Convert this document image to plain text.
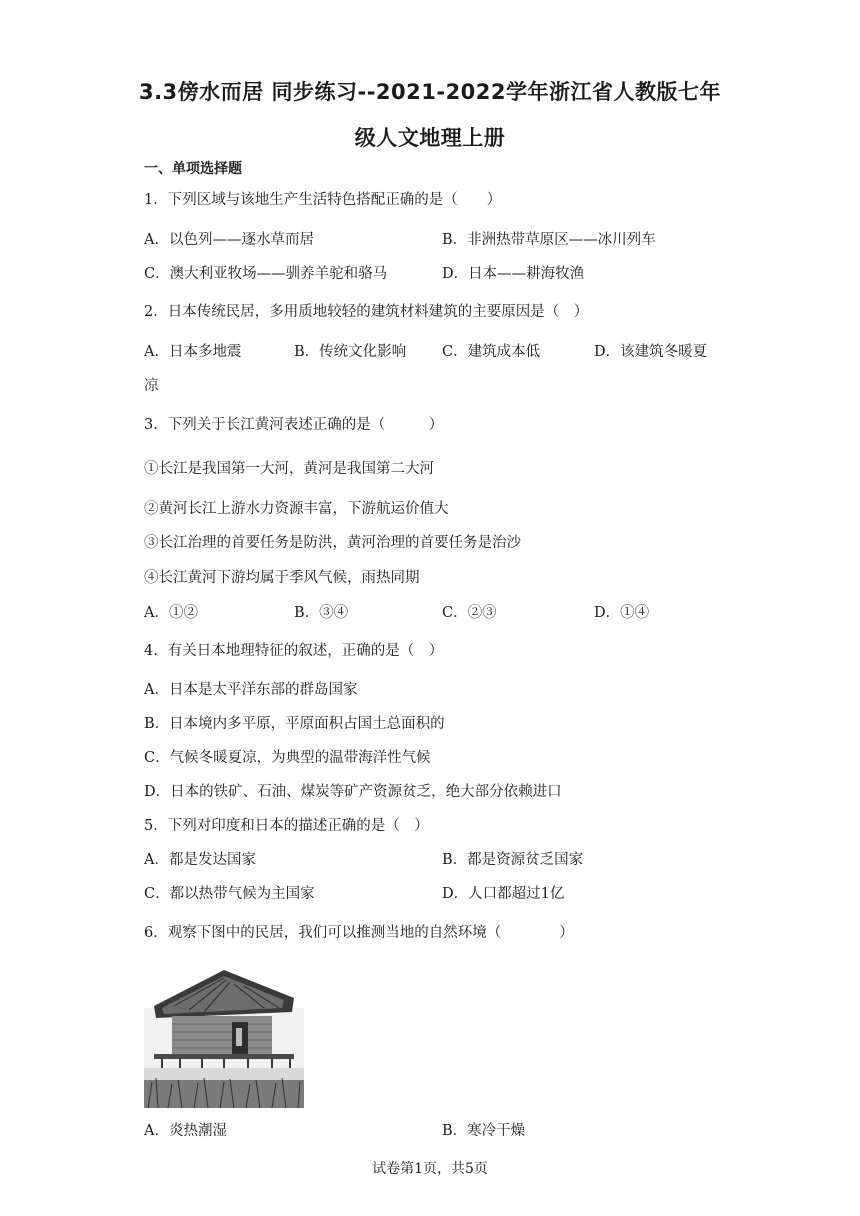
3.3傍水而居 同步练习--2021-2022学年浙江省人教版七年
级人文地理上册
一、单项选择题
1．下列区域与该地生产生活特色搭配正确的是（　　）
A．以色列——逐水草而居	B．非洲热带草原区——冰川列车
C．澳大利亚牧场——驯养羊驼和骆马	D．日本——耕海牧渔
2．日本传统民居，多用质地较轻的建筑材料建筑的主要原因是（　）
A．日本多地震	B．传统文化影响 C．建筑成本低	D．该建筑冬暖夏
凉
3．下列关于长江黄河表述正确的是（　　　）
①长江是我国第一大河，黄河是我国第二大河
②黄河长江上游水力资源丰富，下游航运价值大
③长江治理的首要任务是防洪，黄河治理的首要任务是治沙
④长江黄河下游均属于季风气候，雨热同期
A．①②	B．③④	C．②③	D．①④
4．有关日本地理特征的叙述，正确的是（　）
A．日本是太平洋东部的群岛国家
B．日本境内多平原，平原面积占国土总面积的
C．气候冬暖夏凉，为典型的温带海洋性气候
D．日本的铁矿、石油、煤炭等矿产资源贫乏，绝大部分依赖进口
5．下列对印度和日本的描述正确的是（　）
A．都是发达国家	B．都是资源贫乏国家
C．都以热带气候为主国家	D．人口都超过1亿
6．观察下图中的民居，我们可以推测当地的自然环境（　　　　）
A．炎热潮湿	B．寒冷干燥
试卷第1页，共5页
